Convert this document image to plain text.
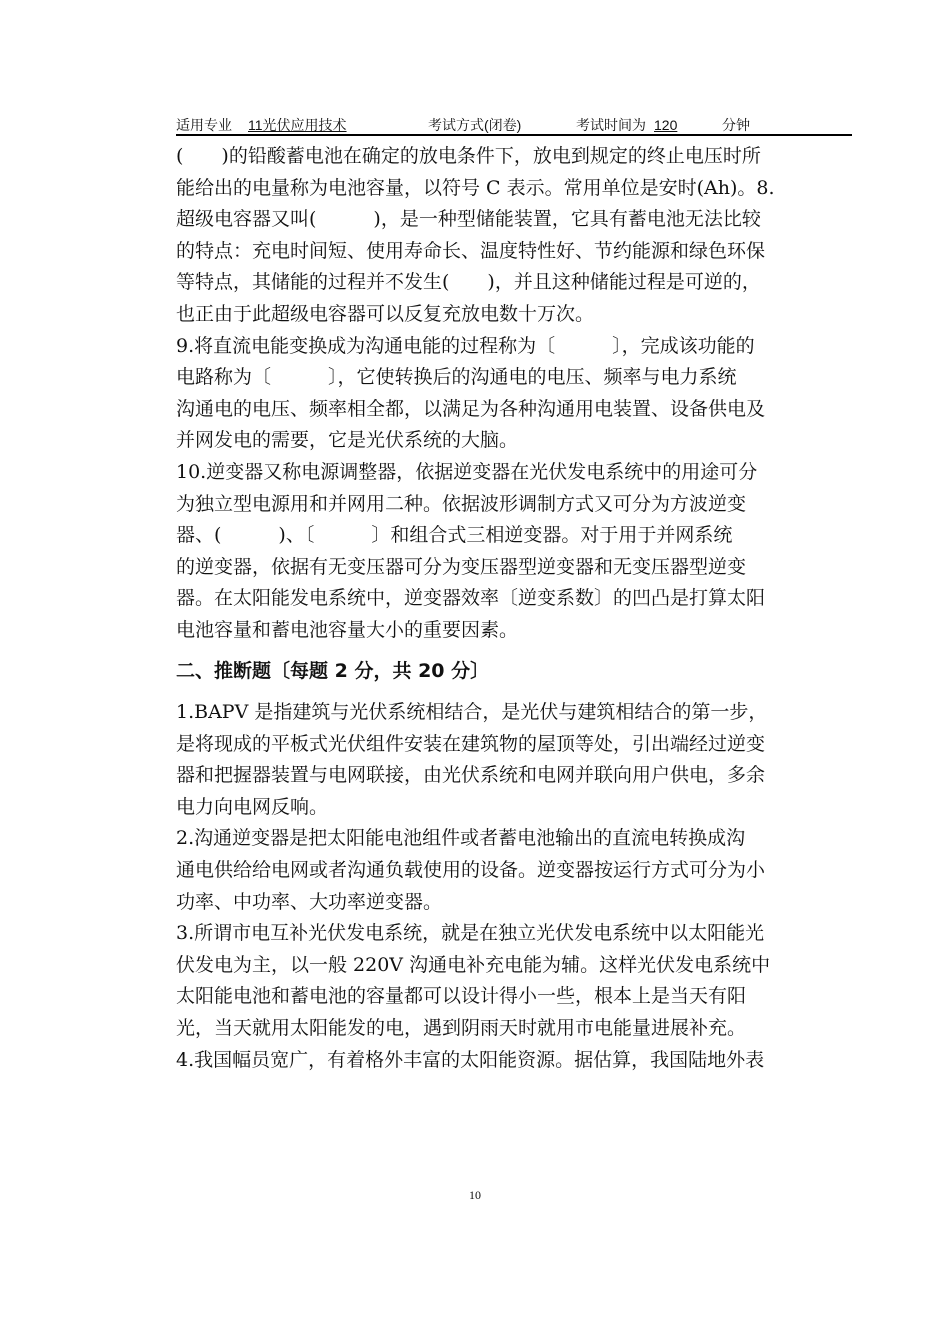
适用专业 11光伏应用技术	考试方式(闭卷)	考试时间为 120	分钟

(　　)的铅酸蓄电池在确定的放电条件下，放电到规定的终止电压时所

能给出的电量称为电池容量，以符号 C 表示。常用单位是安时(Ah)。8.

超级电容器又叫(　　　)，是一种型储能装置，它具有蓄电池无法比较

的特点：充电时间短、使用寿命长、温度特性好、节约能源和绿色环保

等特点，其储能的过程并不发生(　　)，并且这种储能过程是可逆的，

也正由于此超级电容器可以反复充放电数十万次。

9.将直流电能变换成为沟通电能的过程称为〔　　　〕，完成该功能的

电路称为〔　　　〕，它使转换后的沟通电的电压、频率与电力系统

沟通电的电压、频率相全都，以满足为各种沟通用电装置、设备供电及

并网发电的需要，它是光伏系统的大脑。

10.逆变器又称电源调整器，依据逆变器在光伏发电系统中的用途可分

为独立型电源用和并网用二种。依据波形调制方式又可分为方波逆变

器、(　　　)、〔　　　〕和组合式三相逆变器。对于用于并网系统

的逆变器，依据有无变压器可分为变压器型逆变器和无变压器型逆变

器。在太阳能发电系统中，逆变器效率〔逆变系数〕的凹凸是打算太阳

电池容量和蓄电池容量大小的重要因素。

二、推断题〔每题 2 分，共 20 分〕

1.BAPV 是指建筑与光伏系统相结合，是光伏与建筑相结合的第一步，

是将现成的平板式光伏组件安装在建筑物的屋顶等处，引出端经过逆变

器和把握器装置与电网联接，由光伏系统和电网并联向用户供电，多余

电力向电网反响。

2.沟通逆变器是把太阳能电池组件或者蓄电池输出的直流电转换成沟

通电供给给电网或者沟通负载使用的设备。逆变器按运行方式可分为小

功率、中功率、大功率逆变器。

3.所谓市电互补光伏发电系统，就是在独立光伏发电系统中以太阳能光

伏发电为主，以一般 220V 沟通电补充电能为辅。这样光伏发电系统中

太阳能电池和蓄电池的容量都可以设计得小一些，根本上是当天有阳

光，当天就用太阳能发的电，遇到阴雨天时就用市电能量进展补充。

4.我国幅员宽广，有着格外丰富的太阳能资源。据估算，我国陆地外表

10
